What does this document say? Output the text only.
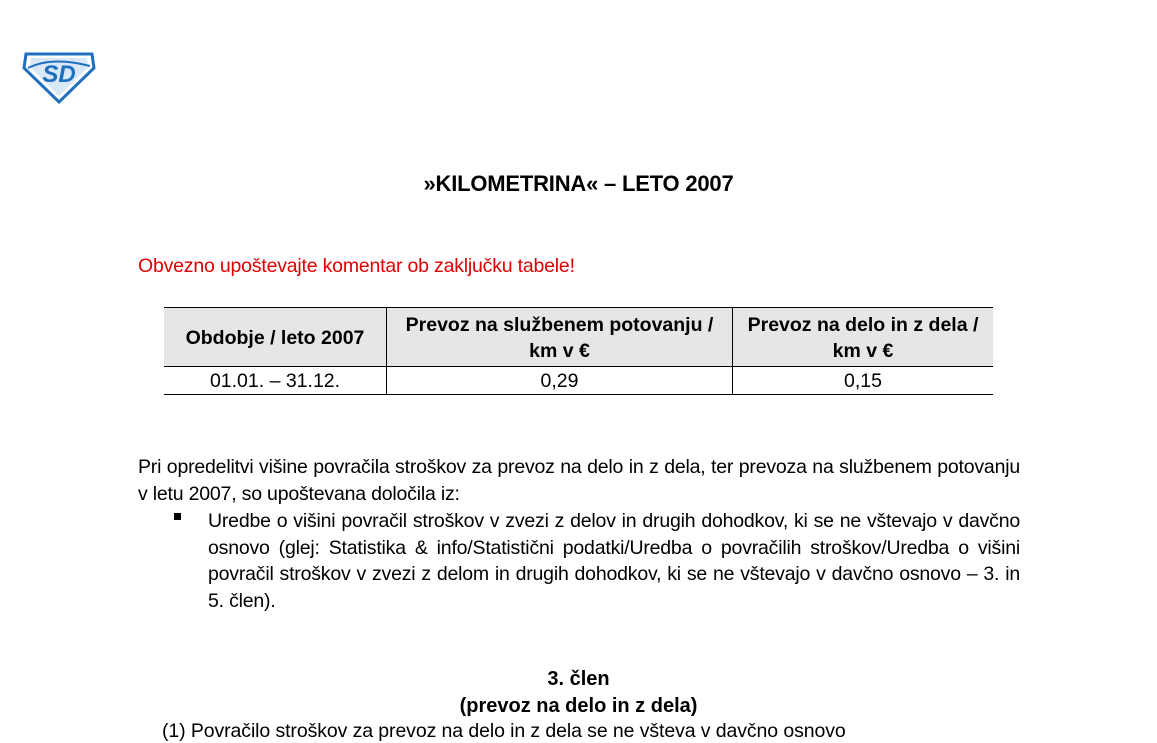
SD
»KILOMETRINA« – LETO 2007
Obvezno upoštevajte komentar ob zaključku tabele!
Obdobje / leto 2007	Prevoz na službenem potovanju / km v €	Prevoz na delo in z dela / km v €
01.01. – 31.12.	0,29	0,15

Pri opredelitvi višine povračila stroškov za prevoz na delo in z dela, ter prevoza na službenem potovanju v letu 2007, so upoštevana določila iz:

Uredbe o višini povračil stroškov v zvezi z delov in drugih dohodkov, ki se ne vštevajo v davčno osnovo (glej: Statistika & info/Statistični podatki/Uredba o povračilih stroškov/Uredba o višini povračil stroškov v zvezi z delom in drugih dohodkov, ki se ne vštevajo v davčno osnovo – 3. in 5. člen).

3. člen
(prevoz na delo in z dela)
(1) Povračilo stroškov za prevoz na delo in z dela se ne všteva v davčno osnovo
